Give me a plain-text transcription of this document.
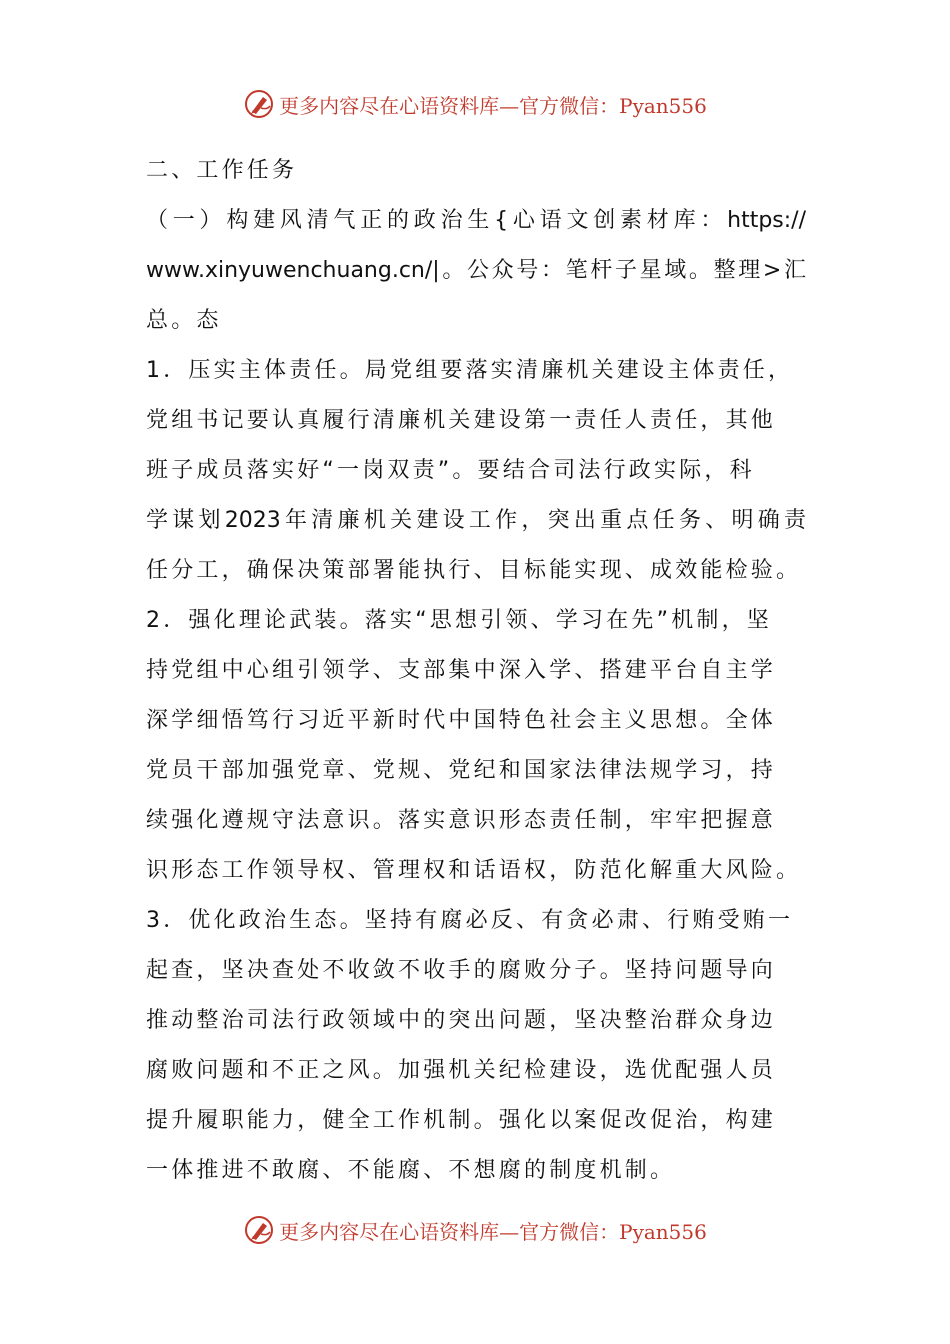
更多内容尽在心语资料库—官方微信：Pyan556
二、工作任务
（一）构建风清气正的政治生{心语文创素材库：https://
www.xinyuwenchuang.cn/|。公众号：笔杆子星域。整理>汇
总。态
1．压实主体责任。局党组要落实清廉机关建设主体责任，
党组书记要认真履行清廉机关建设第一责任人责任，其他
班子成员落实好“一岗双责”。要结合司法行政实际，科
学谋划2023年清廉机关建设工作，突出重点任务、明确责
任分工，确保决策部署能执行、目标能实现、成效能检验。
2．强化理论武装。落实“思想引领、学习在先”机制，坚
持党组中心组引领学、支部集中深入学、搭建平台自主学
深学细悟笃行习近平新时代中国特色社会主义思想。全体
党员干部加强党章、党规、党纪和国家法律法规学习，持
续强化遵规守法意识。落实意识形态责任制，牢牢把握意
识形态工作领导权、管理权和话语权，防范化解重大风险。
3．优化政治生态。坚持有腐必反、有贪必肃、行贿受贿一
起查，坚决查处不收敛不收手的腐败分子。坚持问题导向
推动整治司法行政领域中的突出问题，坚决整治群众身边
腐败问题和不正之风。加强机关纪检建设，选优配强人员
提升履职能力，健全工作机制。强化以案促改促治，构建
一体推进不敢腐、不能腐、不想腐的制度机制。
更多内容尽在心语资料库—官方微信：Pyan556
